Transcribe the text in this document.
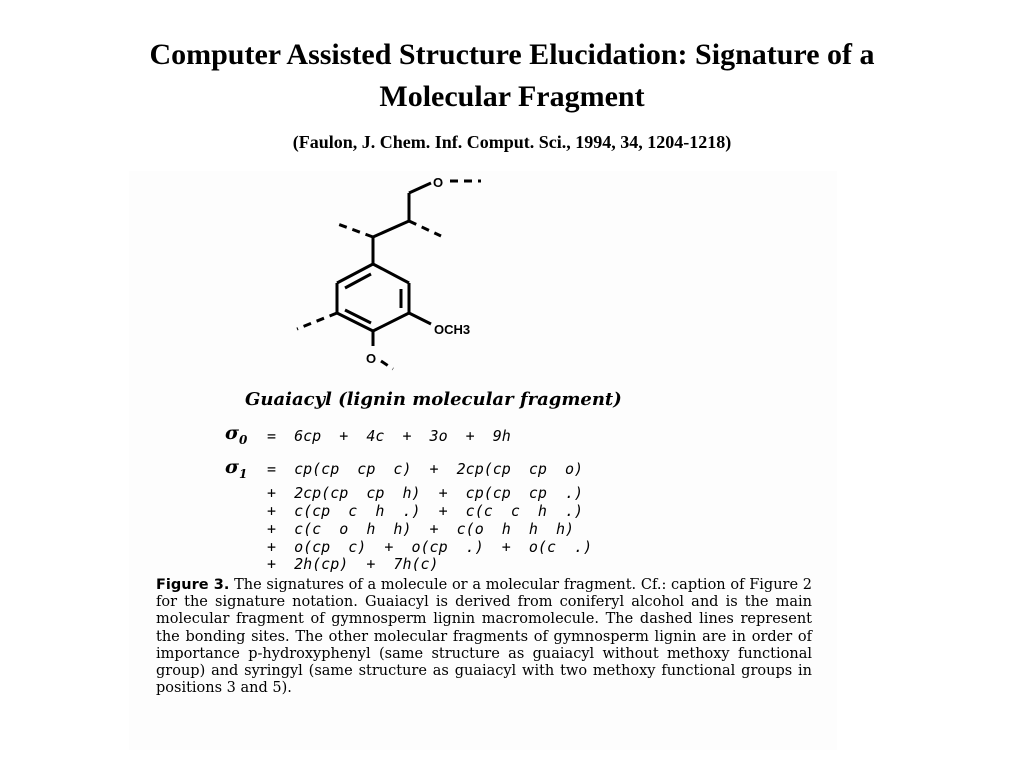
Computer Assisted Structure Elucidation: Signature of a
Molecular Fragment
(Faulon, J. Chem. Inf. Comput. Sci., 1994, 34, 1204-1218)
O
OCH3
O
Guaiacyl (lignin molecular fragment)
$\sigma_0 = 6cp + 4c + 3o + 9h$
$\sigma_1 = cp(cp$  cp  c)  +  2cp(cp  cp  o)
+  2cp(cp  cp  h)  +  cp(cp  cp  .)
+  c(cp  c  h  .)  +  c(c  c  h  .)
+  c(c  o  h  h)  +  c(o  h  h  h)
+  o(cp  c)  +  o(cp  .)  +  o(c  .)
+  2h(cp)  +  7h(c)
Figure 3. The signatures of a molecule or a molecular fragment. Cf.: caption of Figure 2 for the signature notation. Guaiacyl is derived from coniferyl alcohol and is the main molecular fragment of gymnosperm lignin macromolecule. The dashed lines represent the bonding sites. The other molecular fragments of gymnosperm lignin are in order of importance p-hydroxyphenyl (same structure as guaiacyl without methoxy functional group) and syringyl (same structure as guaiacyl with two methoxy functional groups in positions 3 and 5).
